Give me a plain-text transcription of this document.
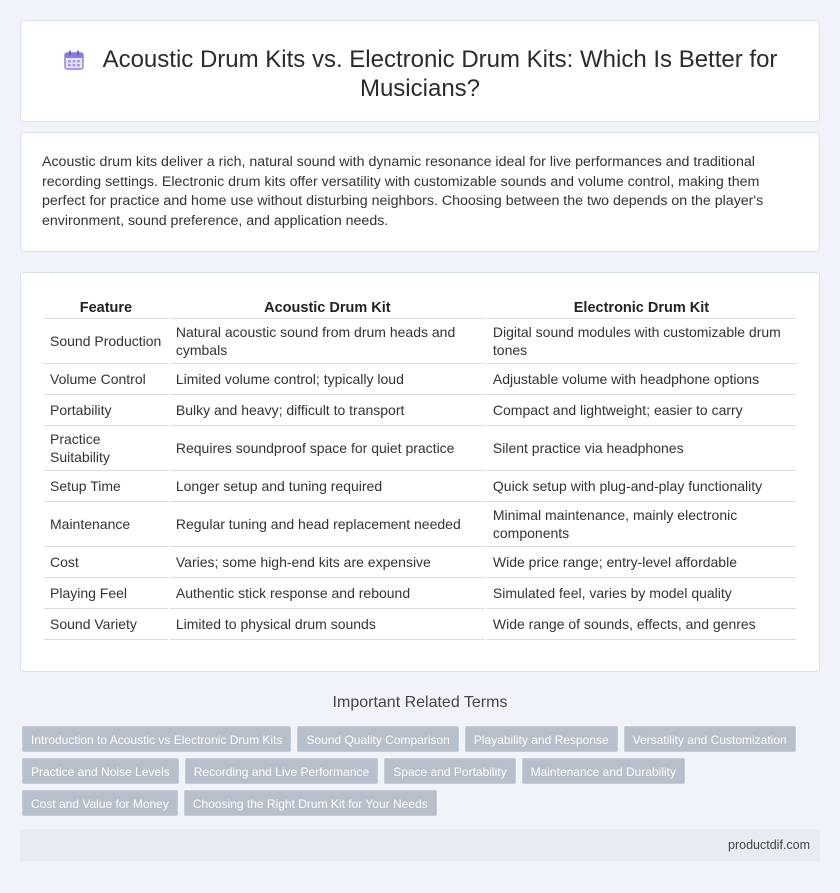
Acoustic Drum Kits vs. Electronic Drum Kits: Which Is Better for Musicians?

Acoustic drum kits deliver a rich, natural sound with dynamic resonance ideal for live performances and traditional recording settings. Electronic drum kits offer versatility with customizable sounds and volume control, making them perfect for practice and home use without disturbing neighbors. Choosing between the two depends on the player's environment, sound preference, and application needs.

Feature	Acoustic Drum Kit	Electronic Drum Kit
Sound Production	Natural acoustic sound from drum heads and cymbals	Digital sound modules with customizable drum tones
Volume Control	Limited volume control; typically loud	Adjustable volume with headphone options
Portability	Bulky and heavy; difficult to transport	Compact and lightweight; easier to carry
Practice Suitability	Requires soundproof space for quiet practice	Silent practice via headphones
Setup Time	Longer setup and tuning required	Quick setup with plug-and-play functionality
Maintenance	Regular tuning and head replacement needed	Minimal maintenance, mainly electronic components
Cost	Varies; some high-end kits are expensive	Wide price range; entry-level affordable
Playing Feel	Authentic stick response and rebound	Simulated feel, varies by model quality
Sound Variety	Limited to physical drum sounds	Wide range of sounds, effects, and genres
Important Related Terms
Introduction to Acoustic vs Electronic Drum Kits	Sound Quality Comparison	Playability and Response	Versatility and Customization
Practice and Noise Levels	Recording and Live Performance	Space and Portability	Maintenance and Durability
Cost and Value for Money	Choosing the Right Drum Kit for Your Needs
productdif.com
